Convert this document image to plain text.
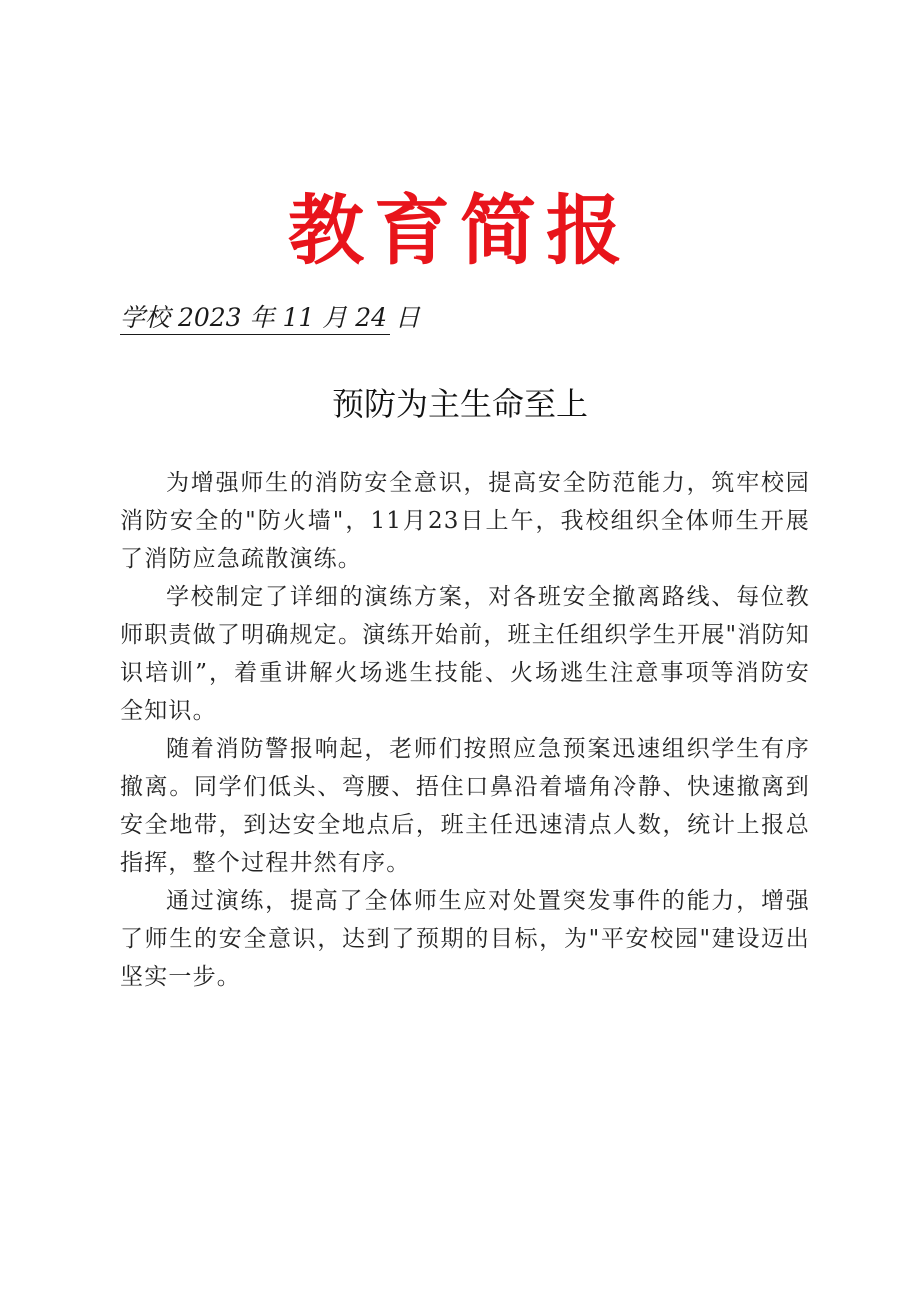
教育简报
学校 2023 年 11 月 24 日
预防为主生命至上

为增强师生的消防安全意识，提高安全防范能力，筑牢校园消防安全的"防火墙"，11月23日上午，我校组织全体师生开展了消防应急疏散演练。

学校制定了详细的演练方案，对各班安全撤离路线、每位教师职责做了明确规定。演练开始前，班主任组织学生开展"消防知识培训”，着重讲解火场逃生技能、火场逃生注意事项等消防安全知识。

随着消防警报响起，老师们按照应急预案迅速组织学生有序撤离。同学们低头、弯腰、捂住口鼻沿着墙角冷静、快速撤离到安全地带，到达安全地点后，班主任迅速清点人数，统计上报总指挥，整个过程井然有序。

通过演练，提高了全体师生应对处置突发事件的能力，增强了师生的安全意识，达到了预期的目标，为"平安校园"建设迈出坚实一步。
